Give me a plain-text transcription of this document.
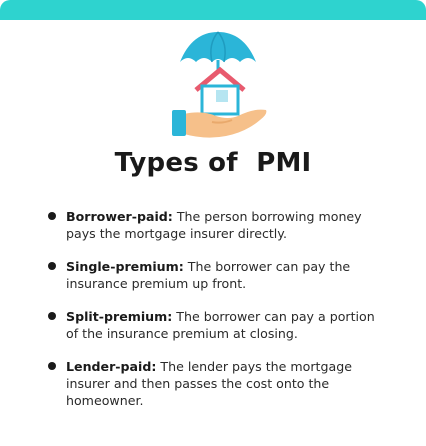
Types of  PMI
Borrower-paid: The person borrowing money pays the mortgage insurer directly.
Single-premium: The borrower can pay the insurance premium up front.
Split-premium: The borrower can pay a portion of the insurance premium at closing.
Lender-paid: The lender pays the mortgage insurer and then passes the cost onto the homeowner.
